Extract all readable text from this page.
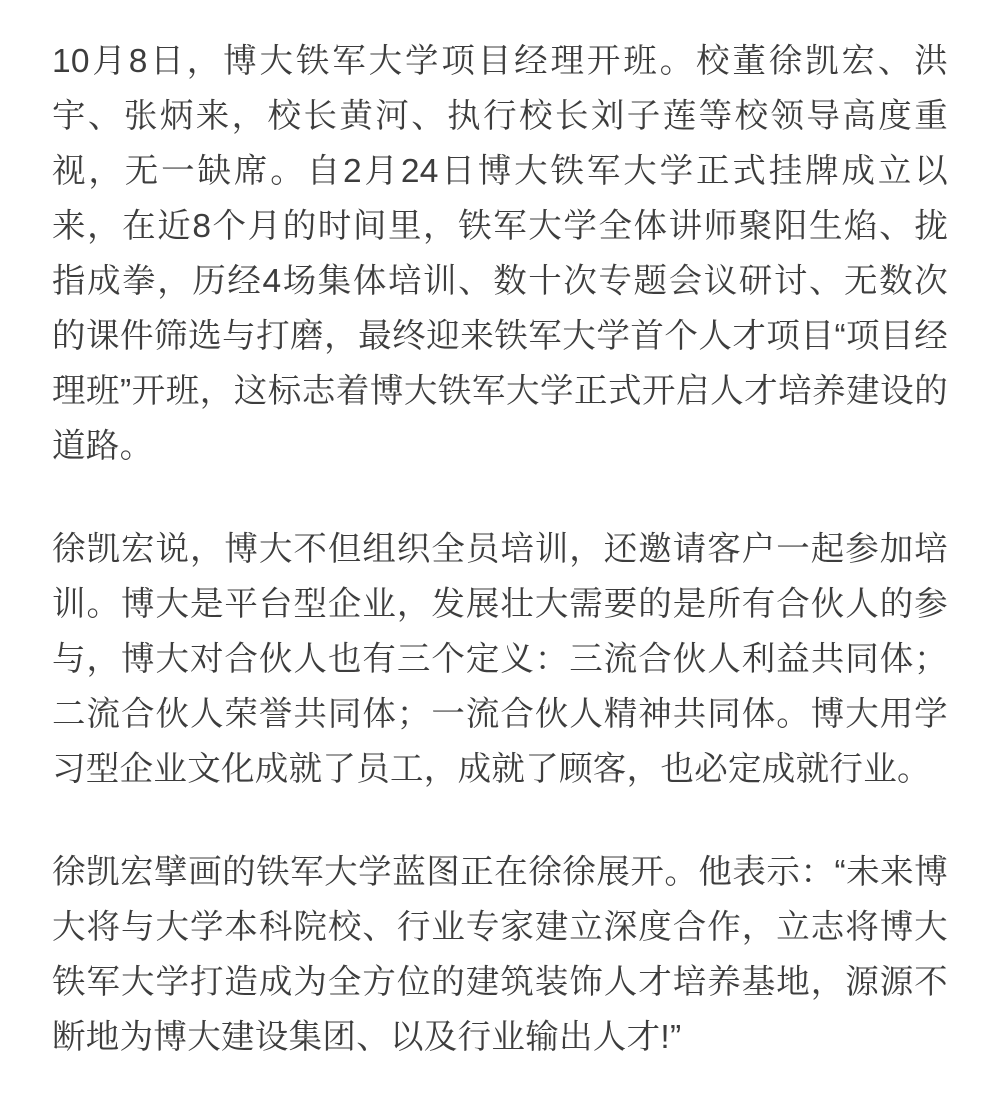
10月8日，博大铁军大学项目经理开班。校董徐凯宏、洪宇、张炳来，校长黄河、执行校长刘子莲等校领导高度重视，无一缺席。自2月24日博大铁军大学正式挂牌成立以来，在近8个月的时间里，铁军大学全体讲师聚阳生焰、拢指成拳，历经4场集体培训、数十次专题会议研讨、无数次的课件筛选与打磨，最终迎来铁军大学首个人才项目“项目经理班”开班，这标志着博大铁军大学正式开启人才培养建设的道路。

徐凯宏说，博大不但组织全员培训，还邀请客户一起参加培训。博大是平台型企业，发展壮大需要的是所有合伙人的参与，博大对合伙人也有三个定义：三流合伙人利益共同体；二流合伙人荣誉共同体；一流合伙人精神共同体。博大用学习型企业文化成就了员工，成就了顾客，也必定成就行业。

徐凯宏擘画的铁军大学蓝图正在徐徐展开。他表示：“未来博大将与大学本科院校、行业专家建立深度合作，立志将博大铁军大学打造成为全方位的建筑装饰人才培养基地，源源不断地为博大建设集团、以及行业输出人才!”
